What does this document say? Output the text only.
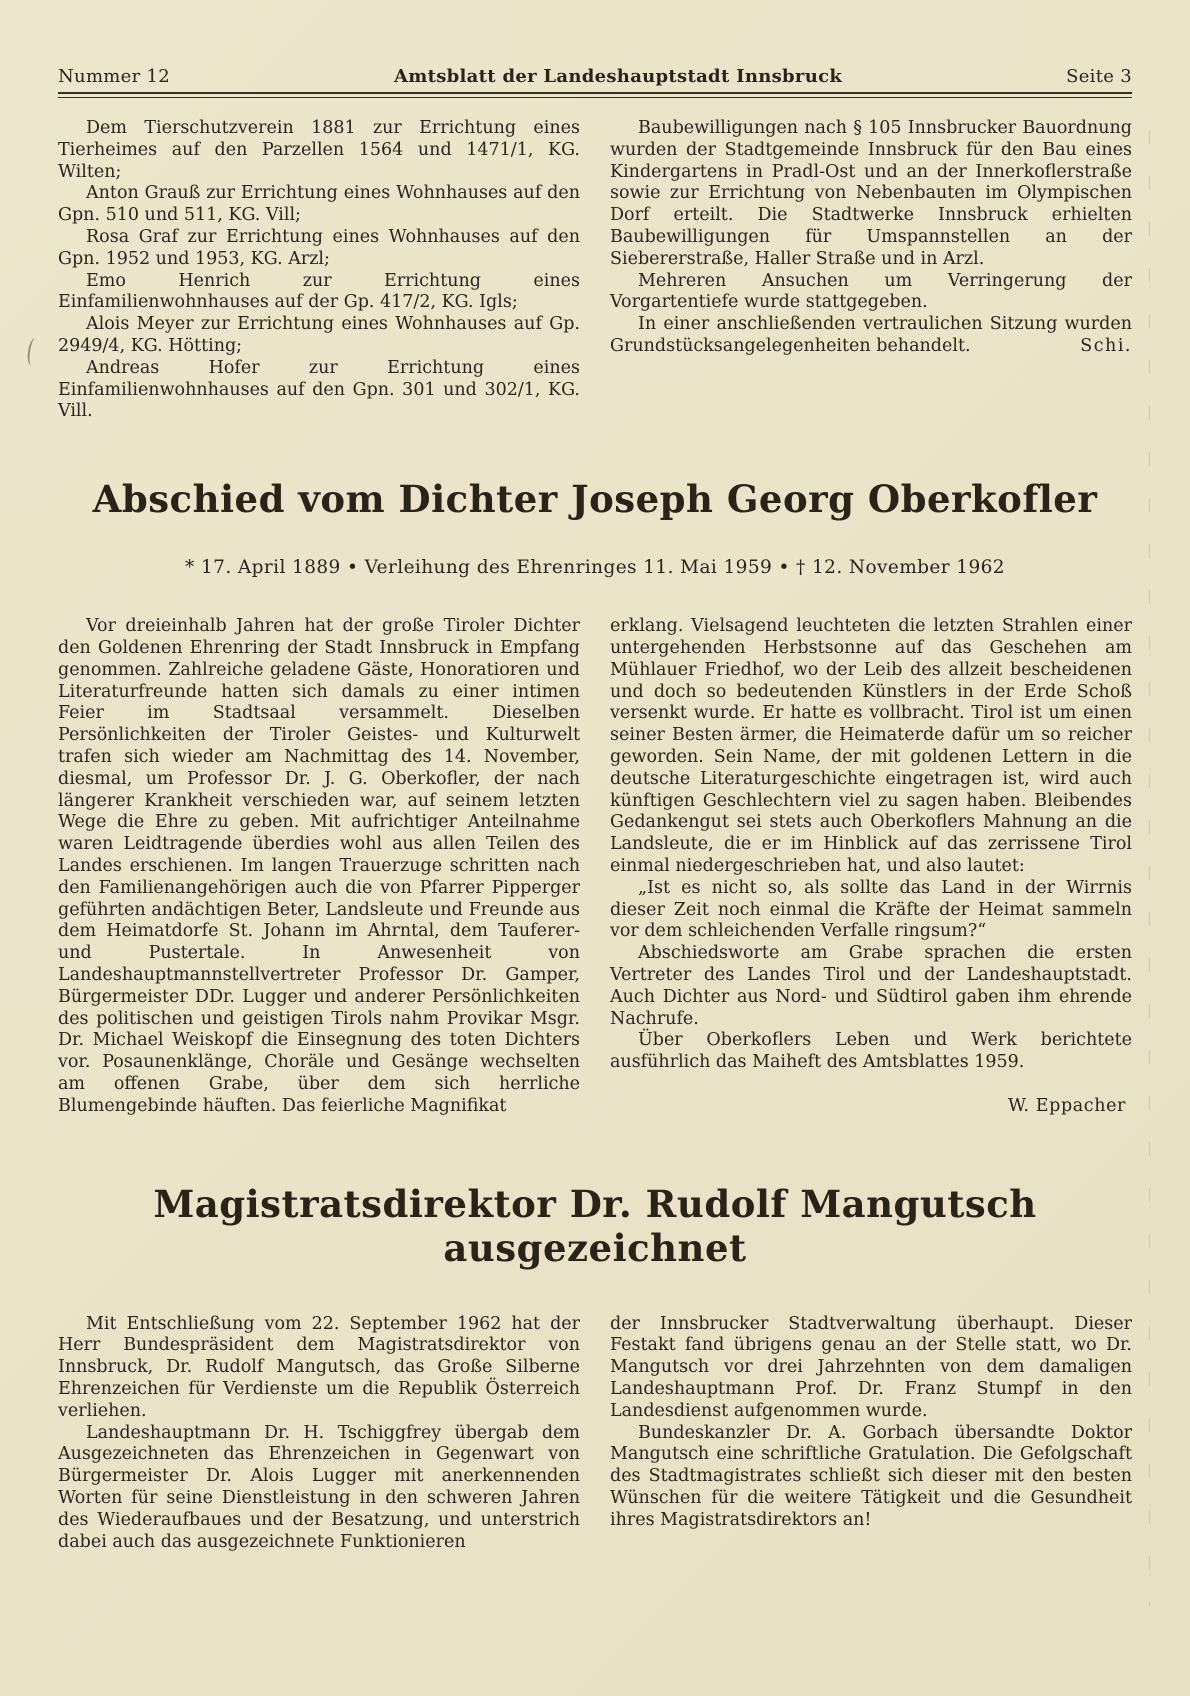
Nummer 12	Amtsblatt der Landeshauptstadt Innsbruck	Seite 3

Dem Tierschutzverein 1881 zur Errichtung eines Tierheimes auf den Parzellen 1564 und 1471/1, KG. Wilten;

Anton Grauß zur Errichtung eines Wohnhauses auf den Gpn. 510 und 511, KG. Vill;

Rosa Graf zur Errichtung eines Wohnhauses auf den Gpn. 1952 und 1953, KG. Arzl;

Emo Henrich zur Errichtung eines Einfamilienwohnhauses auf der Gp. 417/2, KG. Igls;

Alois Meyer zur Errichtung eines Wohnhauses auf Gp. 2949/4, KG. Hötting;

Andreas Hofer zur Errichtung eines Einfamilienwohnhauses auf den Gpn. 301 und 302/1, KG. Vill.

Baubewilligungen nach § 105 Innsbrucker Bauordnung wurden der Stadtgemeinde Innsbruck für den Bau eines Kindergartens in Pradl-Ost und an der Innerkoflerstraße sowie zur Errichtung von Nebenbauten im Olympischen Dorf erteilt. Die Stadtwerke Innsbruck erhielten Baubewilligungen für Umspannstellen an der Siebererstraße, Haller Straße und in Arzl.

Mehreren Ansuchen um Verringerung der Vorgartentiefe wurde stattgegeben.

In einer anschließenden vertraulichen Sitzung wurden Grundstücksangelegenheiten behandelt.	Schi.

Abschied vom Dichter Joseph Georg Oberkofler

* 17. April 1889 • Verleihung des Ehrenringes 11. Mai 1959 • † 12. November 1962

Vor dreieinhalb Jahren hat der große Tiroler Dichter den Goldenen Ehrenring der Stadt Innsbruck in Empfang genommen. Zahlreiche geladene Gäste, Honoratioren und Literaturfreunde hatten sich damals zu einer intimen Feier im Stadtsaal versammelt. Dieselben Persönlichkeiten der Tiroler Geistes- und Kulturwelt trafen sich wieder am Nachmittag des 14. November, diesmal, um Professor Dr. J. G. Oberkofler, der nach längerer Krankheit verschieden war, auf seinem letzten Wege die Ehre zu geben. Mit aufrichtiger Anteilnahme waren Leidtragende überdies wohl aus allen Teilen des Landes erschienen. Im langen Trauerzuge schritten nach den Familienangehörigen auch die von Pfarrer Pipperger geführten andächtigen Beter, Landsleute und Freunde aus dem Heimatdorfe St. Johann im Ahrntal, dem Tauferer- und Pustertale. In Anwesenheit von Landeshauptmannstellvertreter Professor Dr. Gamper, Bürgermeister DDr. Lugger und anderer Persönlichkeiten des politischen und geistigen Tirols nahm Provikar Msgr. Dr. Michael Weiskopf die Einsegnung des toten Dichters vor. Posaunenklänge, Choräle und Gesänge wechselten am offenen Grabe, über dem sich herrliche Blumengebinde häuften. Das feierliche Magnifikat

erklang. Vielsagend leuchteten die letzten Strahlen einer untergehenden Herbstsonne auf das Geschehen am Mühlauer Friedhof, wo der Leib des allzeit bescheidenen und doch so bedeutenden Künstlers in der Erde Schoß versenkt wurde. Er hatte es vollbracht. Tirol ist um einen seiner Besten ärmer, die Heimaterde dafür um so reicher geworden. Sein Name, der mit goldenen Lettern in die deutsche Literaturgeschichte eingetragen ist, wird auch künftigen Geschlechtern viel zu sagen haben. Bleibendes Gedankengut sei stets auch Oberkoflers Mahnung an die Landsleute, die er im Hinblick auf das zerrissene Tirol einmal niedergeschrieben hat, und also lautet:

„Ist es nicht so, als sollte das Land in der Wirrnis dieser Zeit noch einmal die Kräfte der Heimat sammeln vor dem schleichenden Verfalle ringsum?“

Abschiedsworte am Grabe sprachen die ersten Vertreter des Landes Tirol und der Landeshauptstadt. Auch Dichter aus Nord- und Südtirol gaben ihm ehrende Nachrufe.

Über Oberkoflers Leben und Werk berichtete ausführlich das Maiheft des Amtsblattes 1959.

W. Eppacher

Magistratsdirektor Dr. Rudolf Mangutsch ausgezeichnet

Mit Entschließung vom 22. September 1962 hat der Herr Bundespräsident dem Magistratsdirektor von Innsbruck, Dr. Rudolf Mangutsch, das Große Silberne Ehrenzeichen für Verdienste um die Republik Österreich verliehen.

Landeshauptmann Dr. H. Tschiggfrey übergab dem Ausgezeichneten das Ehrenzeichen in Gegenwart von Bürgermeister Dr. Alois Lugger mit anerkennenden Worten für seine Dienstleistung in den schweren Jahren des Wiederaufbaues und der Besatzung, und unterstrich dabei auch das ausgezeichnete Funktionieren

der Innsbrucker Stadtverwaltung überhaupt. Dieser Festakt fand übrigens genau an der Stelle statt, wo Dr. Mangutsch vor drei Jahrzehnten von dem damaligen Landeshauptmann Prof. Dr. Franz Stumpf in den Landesdienst aufgenommen wurde.

Bundeskanzler Dr. A. Gorbach übersandte Doktor Mangutsch eine schriftliche Gratulation. Die Gefolgschaft des Stadtmagistrates schließt sich dieser mit den besten Wünschen für die weitere Tätigkeit und die Gesundheit ihres Magistratsdirektors an!
